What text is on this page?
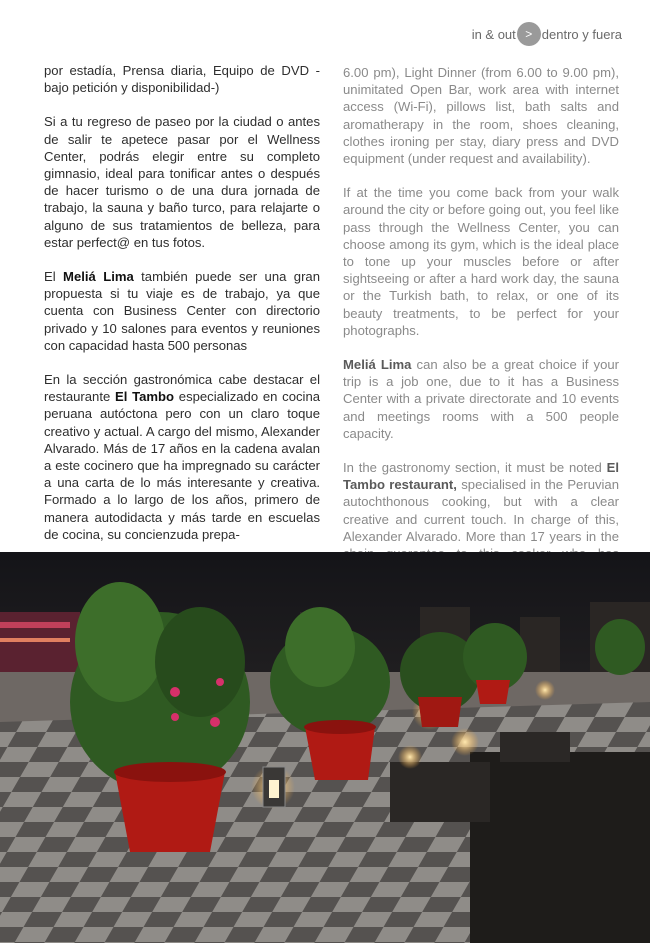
in & out > dentro y fuera

por estadía, Prensa diaria, Equipo de DVD -bajo petición y disponibilidad-)

Si a tu regreso de paseo por la ciudad o antes de salir te apetece pasar por el Wellness Center, podrás elegir entre su completo gimnasio, ideal para tonificar antes o después de hacer turismo o de una dura jornada de trabajo, la sauna y baño turco, para relajarte o alguno de sus tratamientos de belleza, para estar perfect@ en tus fotos.

El Meliá Lima también puede ser una gran propuesta si tu viaje es de trabajo, ya que cuenta con Business Center con directorio privado y 10 salones para eventos y reuniones con capacidad hasta 500 personas

En la sección gastronómica cabe destacar el restaurante El Tambo especializado en cocina peruana autóctona pero con un claro toque creativo y actual. A cargo del mismo, Alexander Alvarado. Más de 17 años en la cadena avalan a este cocinero que ha impregnado su carácter a una carta de lo más interesante y creativa. Formado a lo largo de los años, primero de manera autodidacta y más tarde en escuelas de cocina, su concienzuda prepa-

6.00 pm), Light Dinner (from 6.00 to 9.00 pm), unimitated Open Bar, work area with internet access (Wi-Fi), pillows list, bath salts and aromatherapy in the room, shoes cleaning, clothes ironing per stay, diary press and DVD equipment (under request and availability).

If at the time you come back from your walk around the city or before going out, you feel like pass through the Wellness Center, you can choose among its gym, which is the ideal place to tone up your muscles before or after sightseeing or after a hard work day, the sauna or the Turkish bath, to relax, or one of its beauty treatments, to be perfect for your photographs.

Meliá Lima can also be a great choice if your trip is a job one, due to it has a Business Center with a private directorate and 10 events and meetings rooms with a 500 people capacity.

In the gastronomy section, it must be noted El Tambo restaurant, specialised in the Peruvian autochthonous cooking, but with a clear creative and current touch. In charge of this, Alexander Alvarado. More than 17 years in the
